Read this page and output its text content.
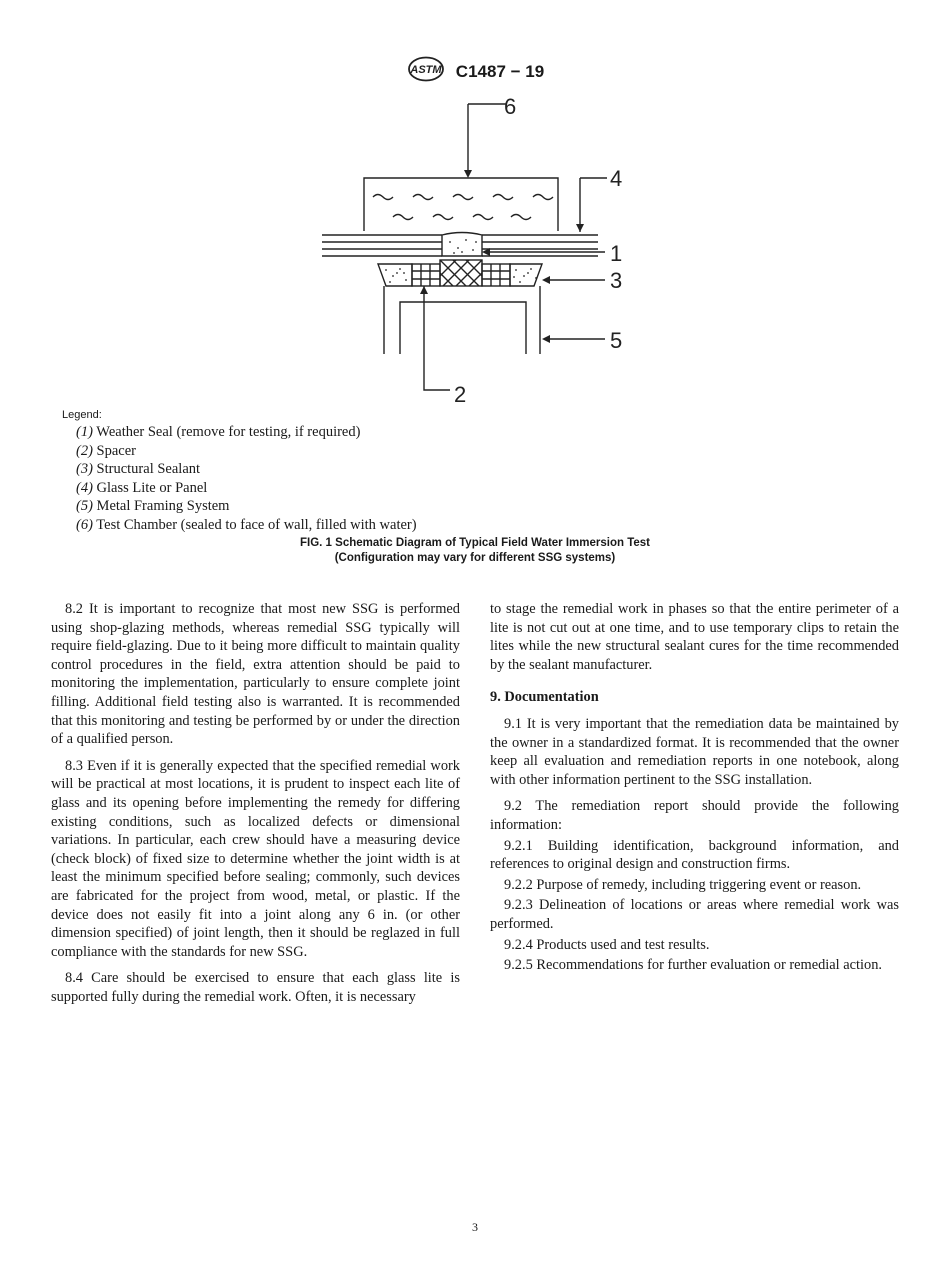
ASTM C1487 − 19
6
4
1
3
5
2
Legend:
(1) Weather Seal (remove for testing, if required)
(2) Spacer
(3) Structural Sealant
(4) Glass Lite or Panel
(5) Metal Framing System
(6) Test Chamber (sealed to face of wall, filled with water)
FIG. 1 Schematic Diagram of Typical Field Water Immersion Test
(Configuration may vary for different SSG systems)

8.2 It is important to recognize that most new SSG is performed using shop-glazing methods, whereas remedial SSG typically will require field-glazing. Due to it being more difficult to maintain quality control procedures in the field, extra attention should be paid to monitoring the implementation, particularly to ensure complete joint filling. Additional field testing also is warranted. It is recommended that this monitoring and testing be performed by or under the direction of a qualified person.

8.3 Even if it is generally expected that the specified remedial work will be practical at most locations, it is prudent to inspect each lite of glass and its opening before implementing the remedy for differing existing conditions, such as localized defects or dimensional variations. In particular, each crew should have a measuring device (check block) of fixed size to determine whether the joint width is at least the minimum specified before sealing; commonly, such devices are fabricated for the project from wood, metal, or plastic. If the device does not easily fit into a joint along any 6 in. (or other dimension specified) of joint length, then it should be reglazed in full compliance with the standards for new SSG.

8.4 Care should be exercised to ensure that each glass lite is supported fully during the remedial work. Often, it is necessary

to stage the remedial work in phases so that the entire perimeter of a lite is not cut out at one time, and to use temporary clips to retain the lites while the new structural sealant cures for the time recommended by the sealant manufacturer.

9. Documentation

9.1 It is very important that the remediation data be maintained by the owner in a standardized format. It is recommended that the owner keep all evaluation and remediation reports in one notebook, along with other information pertinent to the SSG installation.

9.2 The remediation report should provide the following information:

9.2.1 Building identification, background information, and references to original design and construction firms.

9.2.2 Purpose of remedy, including triggering event or reason.

9.2.3 Delineation of locations or areas where remedial work was performed.

9.2.4 Products used and test results.

9.2.5 Recommendations for further evaluation or remedial action.

3
